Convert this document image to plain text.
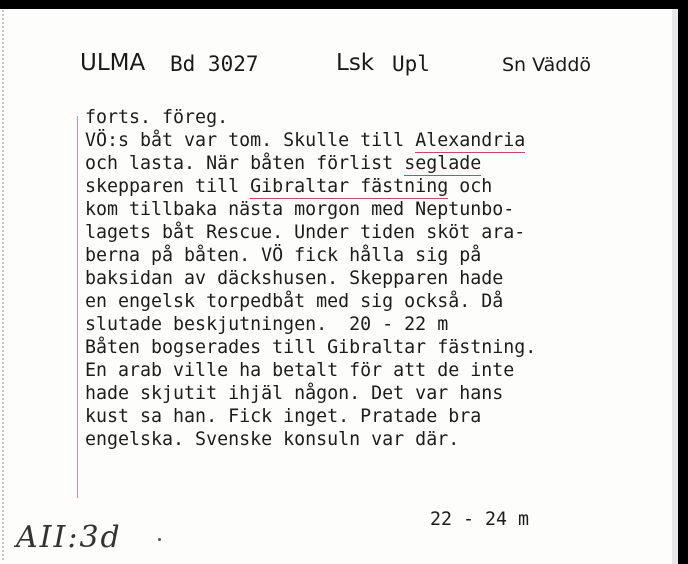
ULMA Bd 3027	Lsk Upl	Sn Väddö
forts. föreg.
VÖ:s båt var tom. Skulle till Alexandria
och lasta. När båten förlist seglade
skepparen till Gibraltar fästning och
kom tillbaka nästa morgon med Neptunbo-
lagets båt Rescue. Under tiden sköt ara-
berna på båten. VÖ fick hålla sig på
baksidan av däckshusen. Skepparen hade
en engelsk torpedbåt med sig också. Då
slutade beskjutningen.  20 - 22 m
Båten bogserades till Gibraltar fästning.
En arab ville ha betalt för att de inte
hade skjutit ihjäl någon. Det var hans
kust sa han. Fick inget. Pratade bra
engelska. Svenske konsuln var där.
22 - 24 m
AII:3d
